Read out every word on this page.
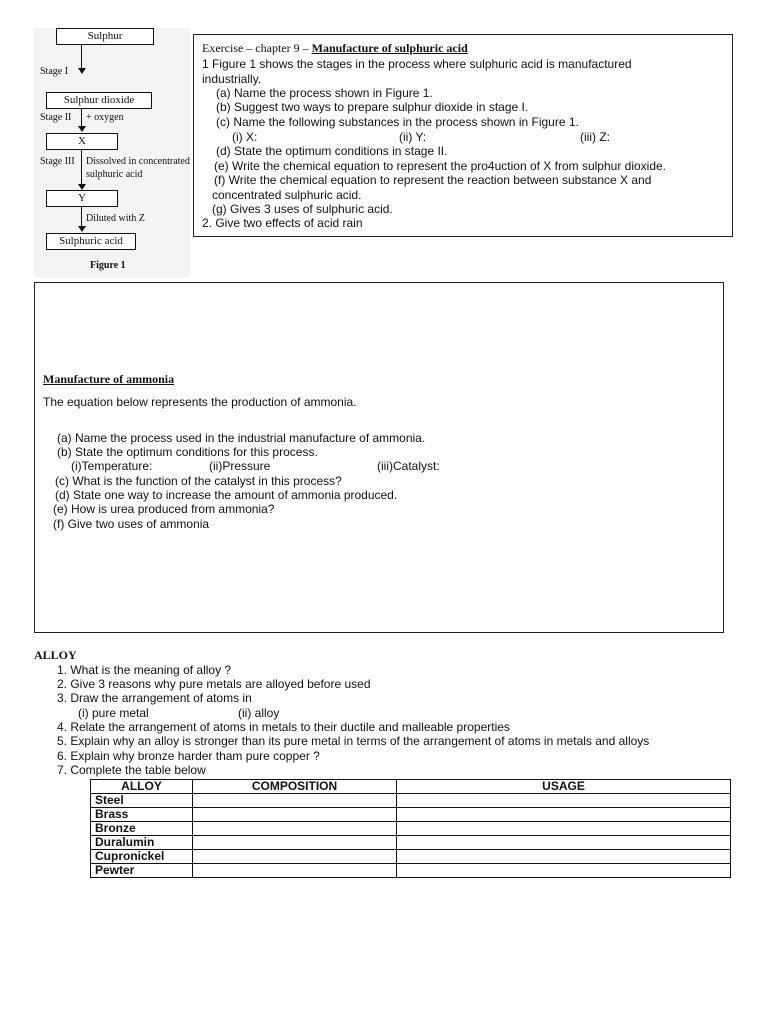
Sulphur
Stage I
Sulphur dioxide
Stage II + oxygen
X
Stage III Dissolved in concentrated
sulphuric acid
Y
Diluted with Z
Sulphuric acid
Figure 1
Exercise – chapter 9 – Manufacture of sulphuric acid
1 Figure 1 shows the stages in the process where sulphuric acid is manufactured
industrially.
(a) Name the process shown in Figure 1.
(b) Suggest two ways to prepare sulphur dioxide in stage I.
(c) Name the following substances in the process shown in Figure 1.
(i) X:	(ii) Y:	(iii) Z:
(d) State the optimum conditions in stage II.
(e) Write the chemical equation to represent the pro4uction of X from sulphur dioxide.
(f) Write the chemical equation to represent the reaction between substance X and
concentrated sulphuric acid.
(g) Gives 3 uses of sulphuric acid.
2. Give two effects of acid rain
Manufacture of ammonia
The equation below represents the production of ammonia.
(a) Name the process used in the industrial manufacture of ammonia.
(b) State the optimum conditions for this process.
(i)Temperature:	(ii)Pressure	(iii)Catalyst:
(c) What is the function of the catalyst in this process?
(d) State one way to increase the amount of ammonia produced.
(e) How is urea produced from ammonia?
(f) Give two uses of ammonia
ALLOY
1. What is the meaning of alloy ?
2. Give 3 reasons why pure metals are alloyed before used
3. Draw the arrangement of atoms in
(i) pure metal	(ii) alloy
4. Relate the arrangement of atoms in metals to their ductile and malleable properties
5. Explain why an alloy is stronger than its pure metal in terms of the arrangement of atoms in metals and alloys
6. Explain why bronze harder tham pure copper ?
7. Complete the table below
ALLOY	COMPOSITION	USAGE
Steel		
Brass		
Bronze		
Duralumin		
Cupronickel		
Pewter		
